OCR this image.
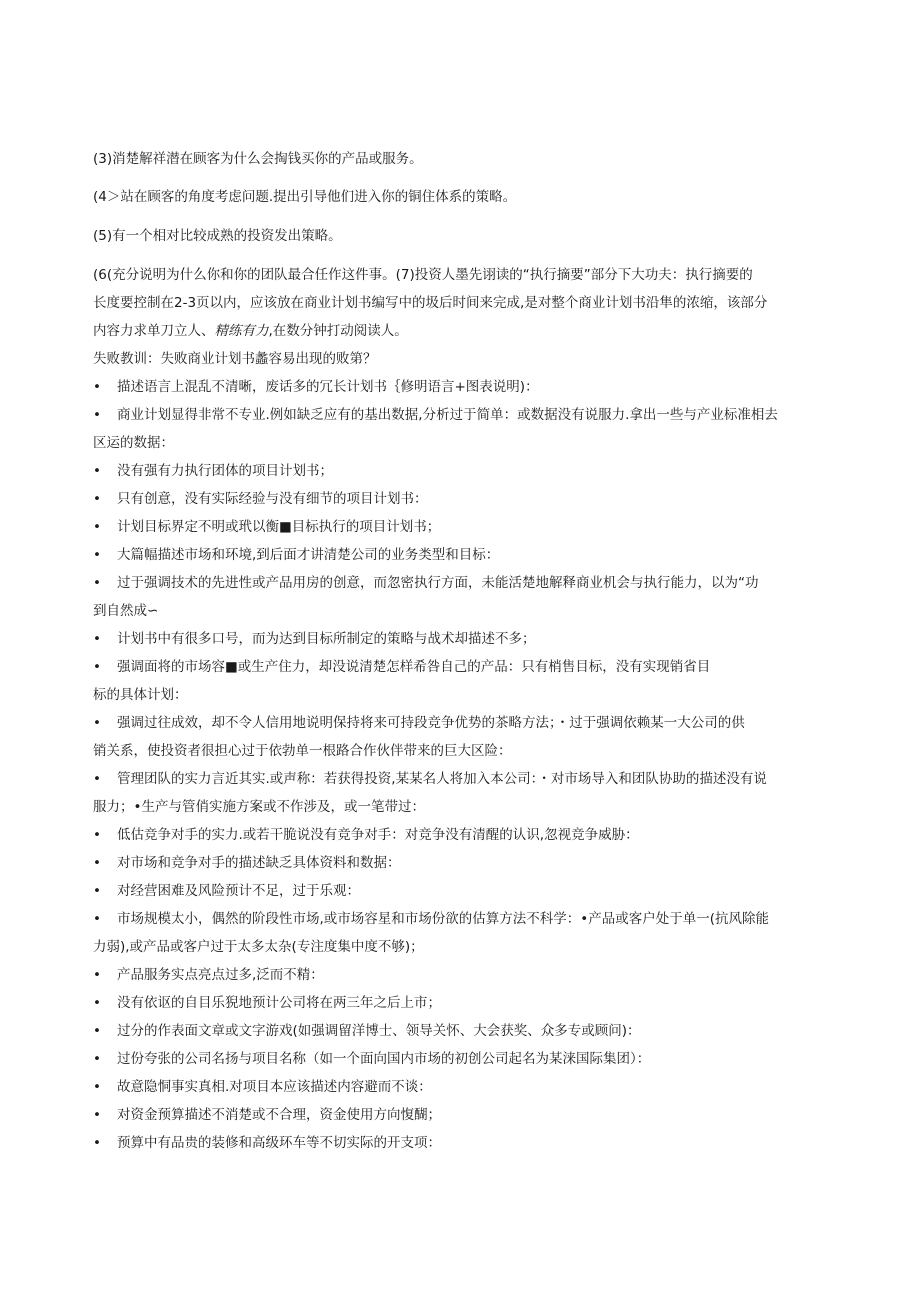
(3)消楚解祥潜在顾客为什么会掏钱买你的产品或服务。
(4＞站在顾客的角度考虑问题.提出引导他们进入你的铜住体系的策略。
(5)有一个相对比较成熟的投资发出策略。
(6(充分说明为什么你和你的团队最合任作这件事。(7)投资人墨先诩读的“执行摘要”部分下大功夫：执行摘要的
长度要控制在2-3页以内，应该放在商业计划书编写中的圾后时间来完成,是对整个商业计划书沿隼的浓缩，该部分
内容力求单刀立人、精练有力,在数分钟打动阅读人。
失败教训：失败商业计划书蠡容易出现的败第？
• 描述语言上混乱不清晰，废话多的冗长计划书｛修明语言+图表说明)：
• 商业计划显得非常不专业.例如缺乏应有的基出数据,分析过于简单：或数据没有说服力.拿出一些与产业标准相去
区运的数据：
• 没有强有力执行团体的项目计划书；
• 只有创意，没有实际经验与没有细节的项目计划书：
• 计划目标界定不明或玳以衡■目标执行的项目计划书；
• 大篇幅描述市场和环境,到后面才讲清楚公司的业务类型和目标：
• 过于强调技术的先进性或产品用房的创意，而忽密执行方面，未能活楚地解释商业机会与执行能力，以为“功
到自然成∽
• 计划书中有很多口号，而为达到目标所制定的策略与战术却描述不多；
• 强调面将的市场容■或生产住力，却没说清楚怎样希咎自己的产品：只有梢售目标，没有实现销省目
标的具体计划：
• 强调过往成效，却不令人信用地说明保持将来可持段竞争优势的茶略方法；・过于强调依赖某一大公司的供
销关系，使投资者很担心过于依勃单一根路合作伙伴带来的巨大区险：
• 管理团队的实力言近其实.或声称：若获得投资,某某名人将加入本公司：・对市场导入和团队协助的描述没有说
服力；•生产与管俏实施方案或不作涉及，或一笔带过：
• 低估竞争对手的实力.或若干脆说没有竞争对手：对竞争没有清醒的认识,忽视竞争威胁：
• 对市场和竞争对手的描述缺乏具体资料和数据：
• 对经营困难及风险预计不足，过于乐观：
• 市场规模太小，偶然的阶段性市场,或市场容星和市场份欲的估算方法不科学：•产品或客户处于单一(抗风除能
力弱),或产品或客户过于太多太杂(专注度集中度不够)；
• 产品服务实点亮点过多,泛而不精：
• 没有依讴的自目乐猊地预计公司将在两三年之后上市；
• 过分的作表面文章或文字游戏(如强调留洋博士、领导关怀、大会获奖、众多专或顾问)：
• 过份夸张的公司名扬与项目名称（如一个面向国内市场的初创公司起名为某涞国际集团）：
• 故意隐恫事实真相.对项目本应该描述内容避而不谈：
• 对资金预算描述不消楚或不合理，资金使用方向愎醐；
• 预算中有品贵的装修和高级环车等不切实际的开支项：
